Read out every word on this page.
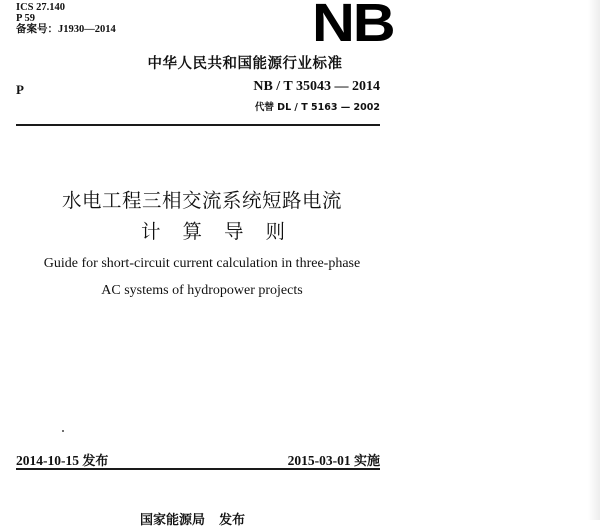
ICS 27.140
P 59
备案号：J1930—2014	NB
中华人民共和国能源行业标准
P	NB / T 35043 — 2014
代替 DL / T 5163 — 2002
水电工程三相交流系统短路电流
计算导则
Guide for short-circuit current calculation in three-phase
AC systems of hydropower projects
2014-10-15 发布	2015-03-01 实施
国家能源局 发布
